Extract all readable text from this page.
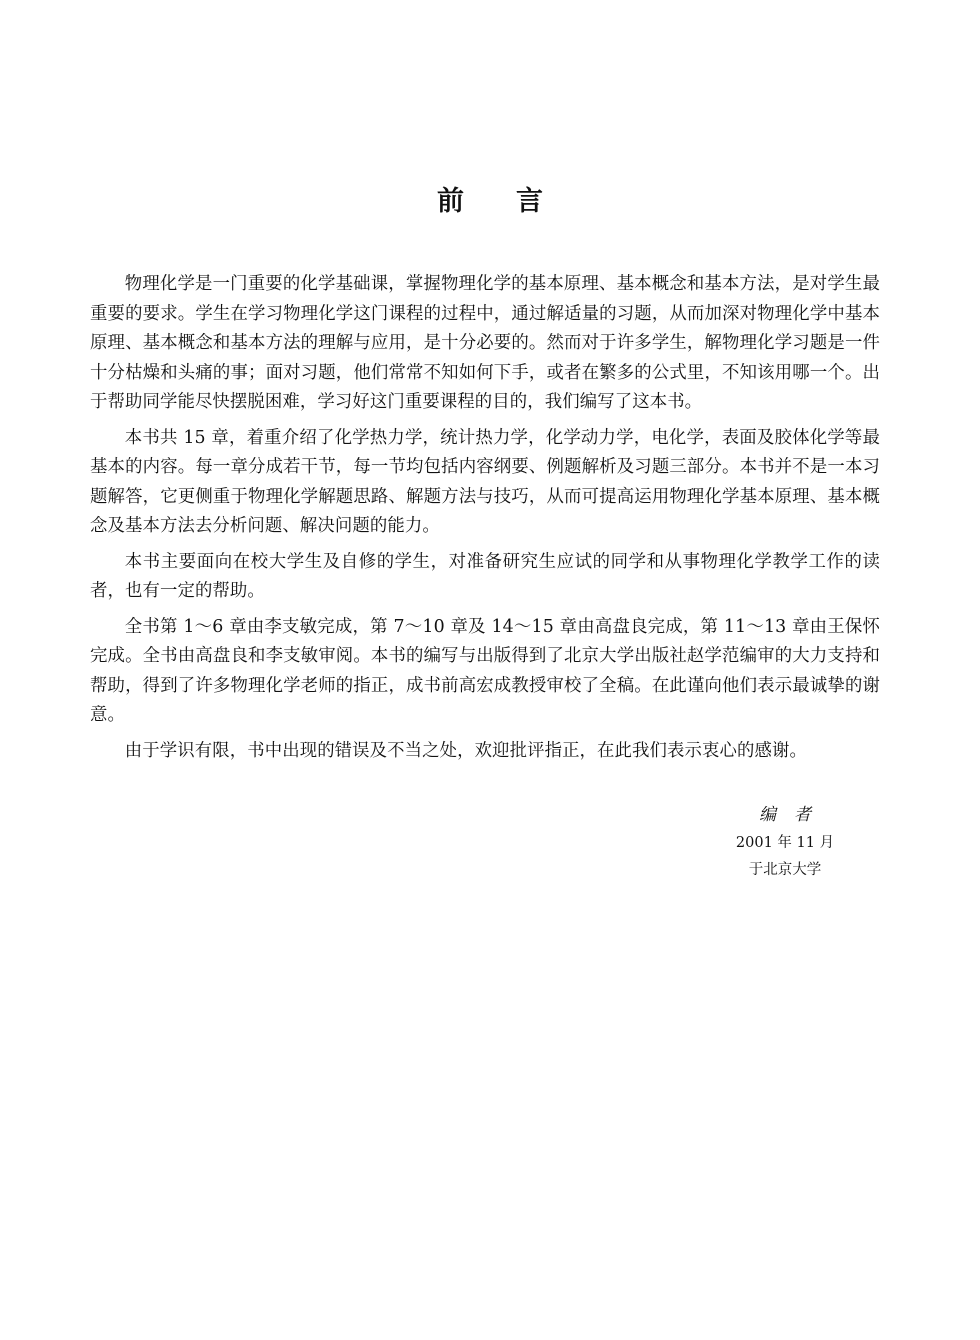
前言

物理化学是一门重要的化学基础课，掌握物理化学的基本原理、基本概念和基本方法，是对学生最重要的要求。学生在学习物理化学这门课程的过程中，通过解适量的习题，从而加深对物理化学中基本原理、基本概念和基本方法的理解与应用，是十分必要的。然而对于许多学生，解物理化学习题是一件十分枯燥和头痛的事；面对习题，他们常常不知如何下手，或者在繁多的公式里，不知该用哪一个。出于帮助同学能尽快摆脱困难，学习好这门重要课程的目的，我们编写了这本书。

本书共 15 章，着重介绍了化学热力学，统计热力学，化学动力学，电化学，表面及胶体化学等最基本的内容。每一章分成若干节，每一节均包括内容纲要、例题解析及习题三部分。本书并不是一本习题解答，它更侧重于物理化学解题思路、解题方法与技巧，从而可提高运用物理化学基本原理、基本概念及基本方法去分析问题、解决问题的能力。

本书主要面向在校大学生及自修的学生，对准备研究生应试的同学和从事物理化学教学工作的读者，也有一定的帮助。

全书第 1～6 章由李支敏完成，第 7～10 章及 14～15 章由高盘良完成，第 11～13 章由王保怀完成。全书由高盘良和李支敏审阅。本书的编写与出版得到了北京大学出版社赵学范编审的大力支持和帮助，得到了许多物理化学老师的指正，成书前高宏成教授审校了全稿。在此谨向他们表示最诚挚的谢意。

由于学识有限，书中出现的错误及不当之处，欢迎批评指正，在此我们表示衷心的感谢。

编者
2001 年 11 月
于北京大学
